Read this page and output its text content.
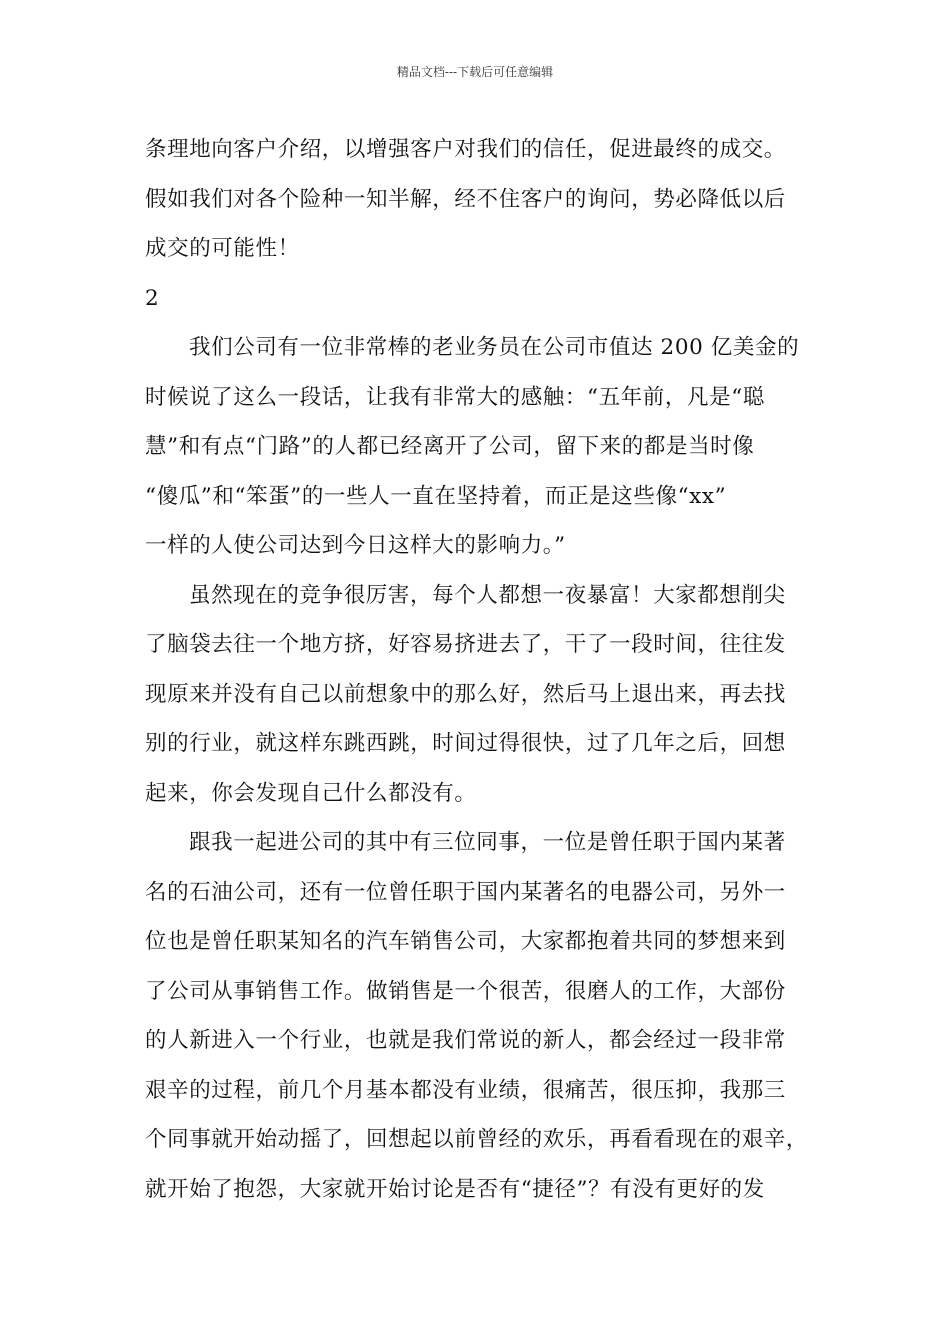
精品文档---下载后可任意编辑
条理地向客户介绍，以增强客户对我们的信任，促进最终的成交。
假如我们对各个险种一知半解，经不住客户的询问，势必降低以后
成交的可能性！
2
我们公司有一位非常棒的老业务员在公司市值达 200 亿美金的
时候说了这么一段话，让我有非常大的感触：“五年前，凡是“聪
慧”和有点“门路”的人都已经离开了公司，留下来的都是当时像
“傻瓜”和“笨蛋”的一些人一直在坚持着，而正是这些像“xx”
一样的人使公司达到今日这样大的影响力。”
虽然现在的竞争很厉害，每个人都想一夜暴富！大家都想削尖
了脑袋去往一个地方挤，好容易挤进去了，干了一段时间，往往发
现原来并没有自己以前想象中的那么好，然后马上退出来，再去找
别的行业，就这样东跳西跳，时间过得很快，过了几年之后，回想
起来，你会发现自己什么都没有。
跟我一起进公司的其中有三位同事，一位是曾任职于国内某著
名的石油公司，还有一位曾任职于国内某著名的电器公司，另外一
位也是曾任职某知名的汽车销售公司，大家都抱着共同的梦想来到
了公司从事销售工作。做销售是一个很苦，很磨人的工作，大部份
的人新进入一个行业，也就是我们常说的新人，都会经过一段非常
艰辛的过程，前几个月基本都没有业绩，很痛苦，很压抑，我那三
个同事就开始动摇了，回想起以前曾经的欢乐，再看看现在的艰辛，
就开始了抱怨，大家就开始讨论是否有“捷径”？有没有更好的发
